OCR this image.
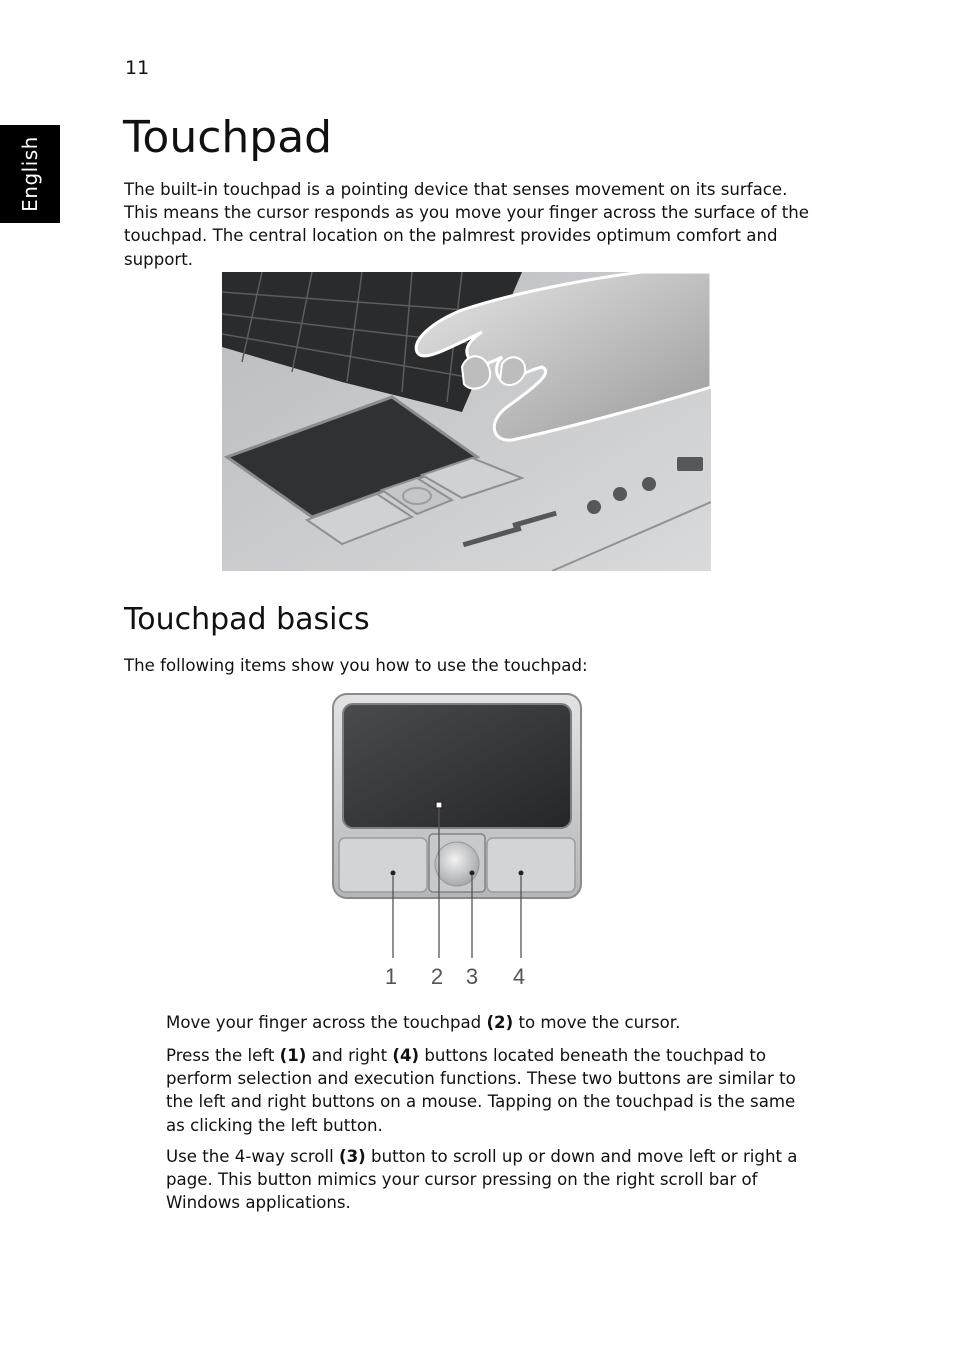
11
English Touchpad

The built-in touchpad is a pointing device that senses movement on its surface. This means the cursor responds as you move your finger across the surface of the touchpad. The central location on the palmrest provides optimum comfort and support.

Touchpad basics

The following items show you how to use the touchpad:

1 2 3 4

Move your finger across the touchpad (2) to move the cursor.

Press the left (1) and right (4) buttons located beneath the touchpad to perform selection and execution functions. These two buttons are similar to the left and right buttons on a mouse. Tapping on the touchpad is the same as clicking the left button.

Use the 4-way scroll (3) button to scroll up or down and move left or right a page. This button mimics your cursor pressing on the right scroll bar of Windows applications.
